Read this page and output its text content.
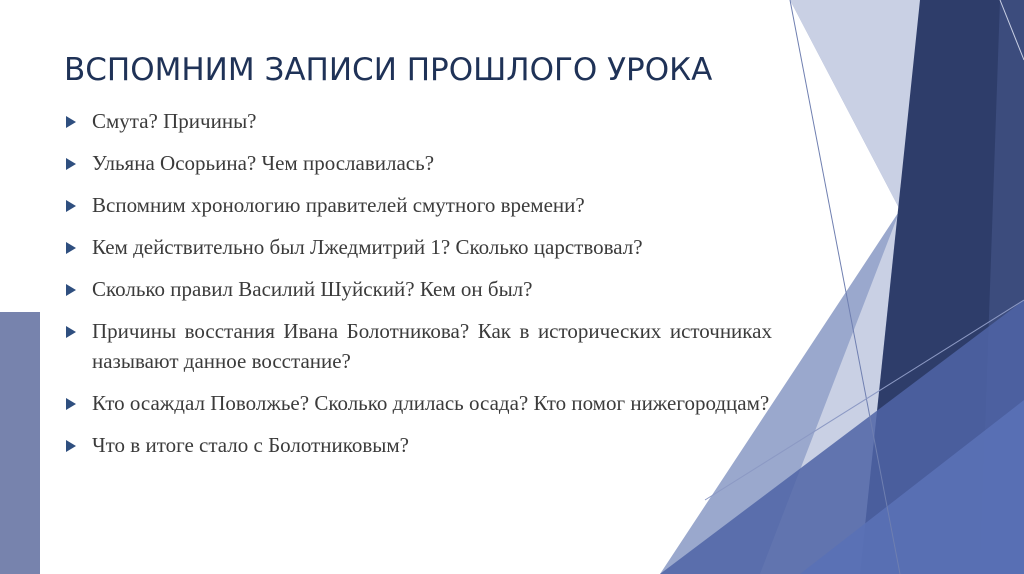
ВСПОМНИМ ЗАПИСИ ПРОШЛОГО УРОКА
Смута? Причины?
Ульяна Осорьина? Чем прославилась?
Вспомним хронологию правителей смутного времени?
Кем действительно был Лжедмитрий 1? Сколько царствовал?
Сколько правил Василий Шуйский? Кем он был?
Причины восстания Ивана Болотникова? Как в исторических источниках называют данное восстание?
Кто осаждал Поволжье? Сколько длилась осада? Кто помог нижегородцам?
Что в итоге стало с Болотниковым?
